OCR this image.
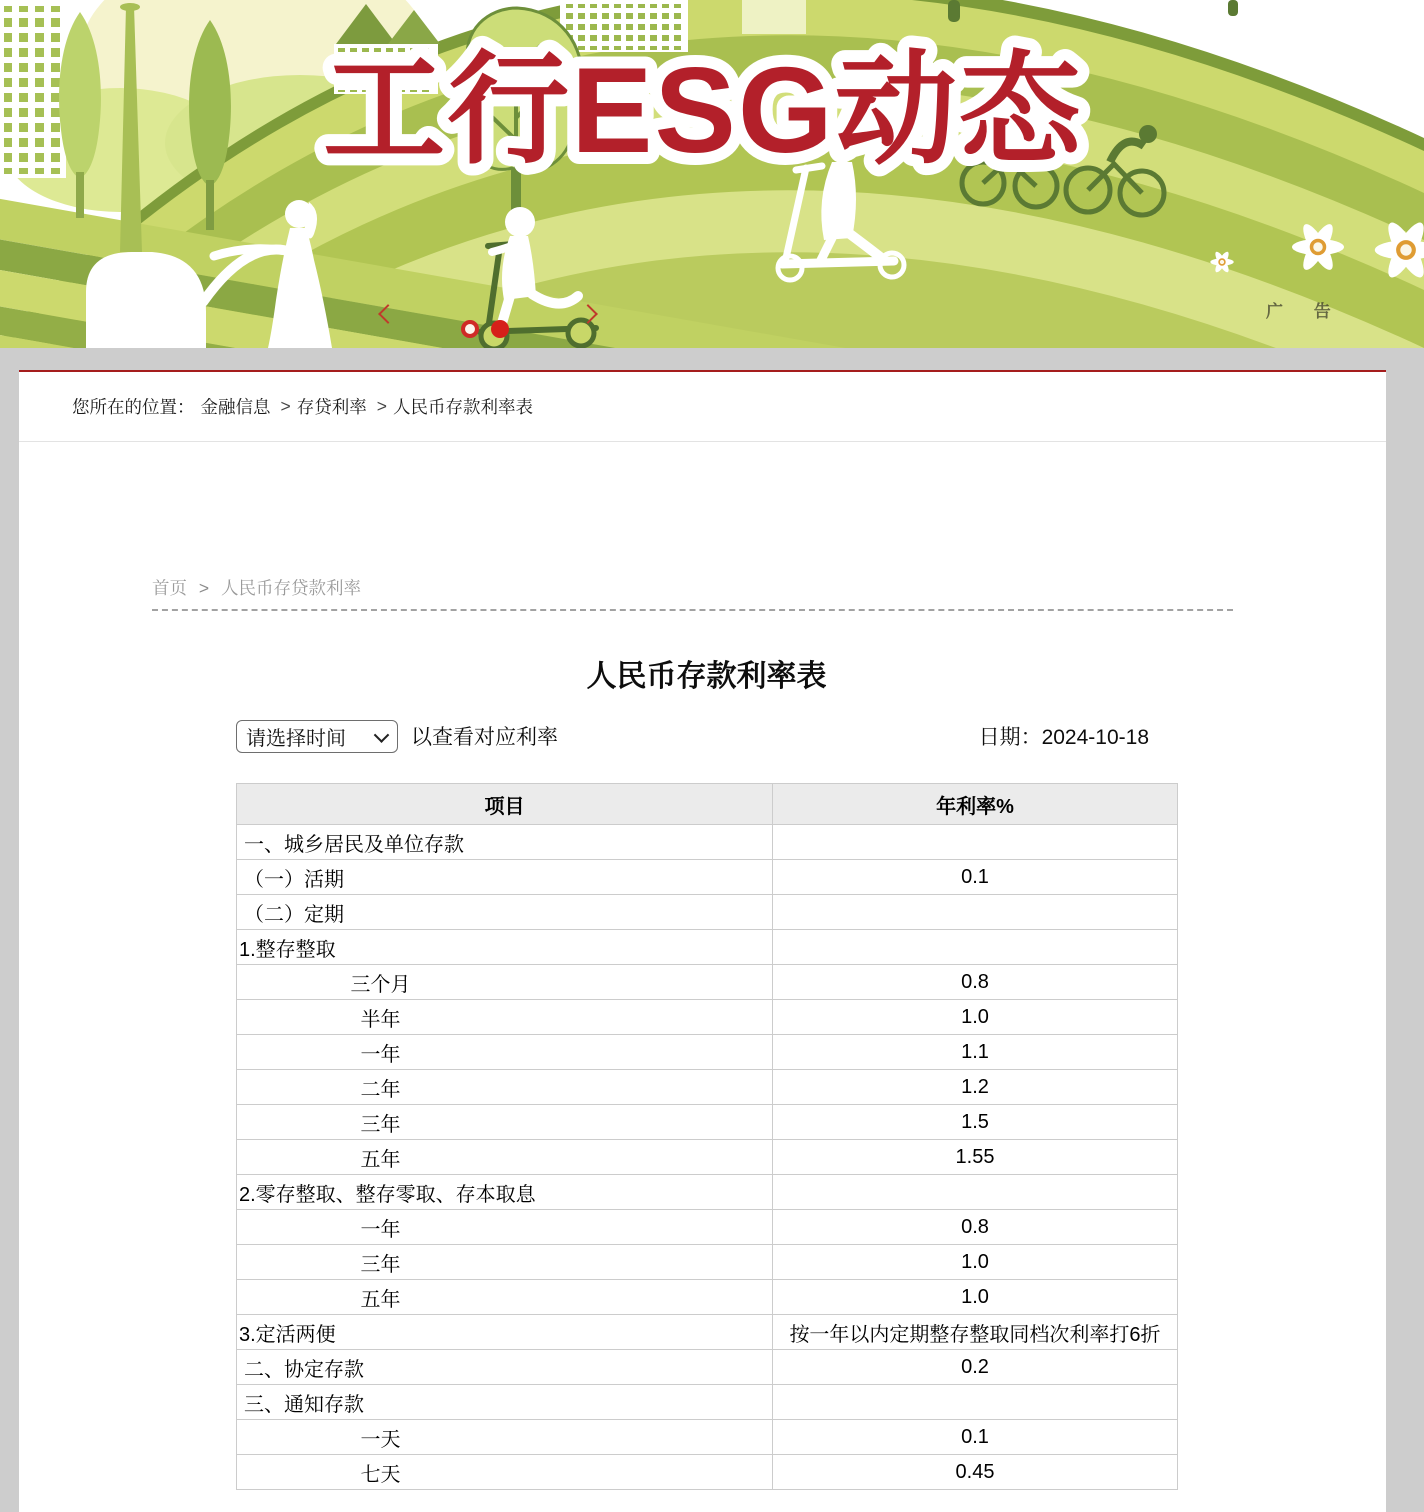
工行ESG动态
广 告
您所在的位置： 金融信息 > 存贷利率 > 人民币存款利率表
首页 > 人民币存贷款利率
人民币存款利率表
请选择时间	以查看对应利率	日期：2024-10-18
项目	年利率%
一、城乡居民及单位存款	
（一）活期	0.1
（二）定期	
1.整存整取	
三个月	0.8
半年	1.0
一年	1.1
二年	1.2
三年	1.5
五年	1.55
2.零存整取、整存零取、存本取息	
一年	0.8
三年	1.0
五年	1.0
3.定活两便	按一年以内定期整存整取同档次利率打6折
二、协定存款	0.2
三、通知存款	
一天	0.1
七天	0.45
